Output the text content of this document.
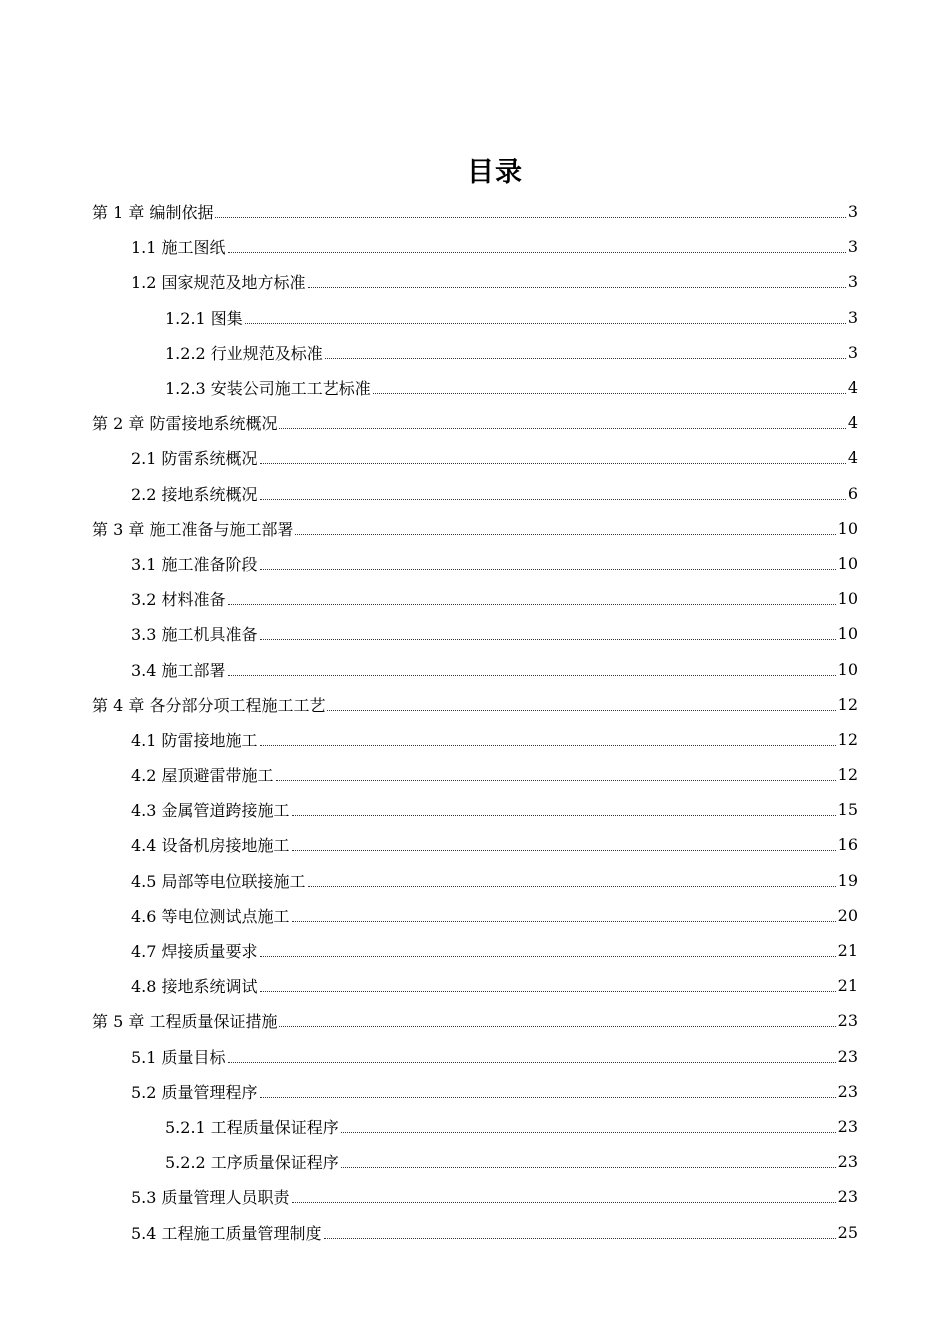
目录
第 1 章 编制依据	3
1.1 施工图纸	3
1.2 国家规范及地方标准	3
1.2.1 图集	3
1.2.2 行业规范及标准	3
1.2.3 安装公司施工工艺标准	4
第 2 章 防雷接地系统概况	4
2.1 防雷系统概况	4
2.2 接地系统概况	6
第 3 章 施工准备与施工部署	10
3.1 施工准备阶段	10
3.2 材料准备	10
3.3 施工机具准备	10
3.4 施工部署	10
第 4 章 各分部分项工程施工工艺	12
4.1 防雷接地施工	12
4.2 屋顶避雷带施工	12
4.3 金属管道跨接施工	15
4.4 设备机房接地施工	16
4.5 局部等电位联接施工	19
4.6 等电位测试点施工	20
4.7 焊接质量要求	21
4.8 接地系统调试	21
第 5 章 工程质量保证措施	23
5.1 质量目标	23
5.2 质量管理程序	23
5.2.1 工程质量保证程序	23
5.2.2 工序质量保证程序	23
5.3 质量管理人员职责	23
5.4 工程施工质量管理制度	25
